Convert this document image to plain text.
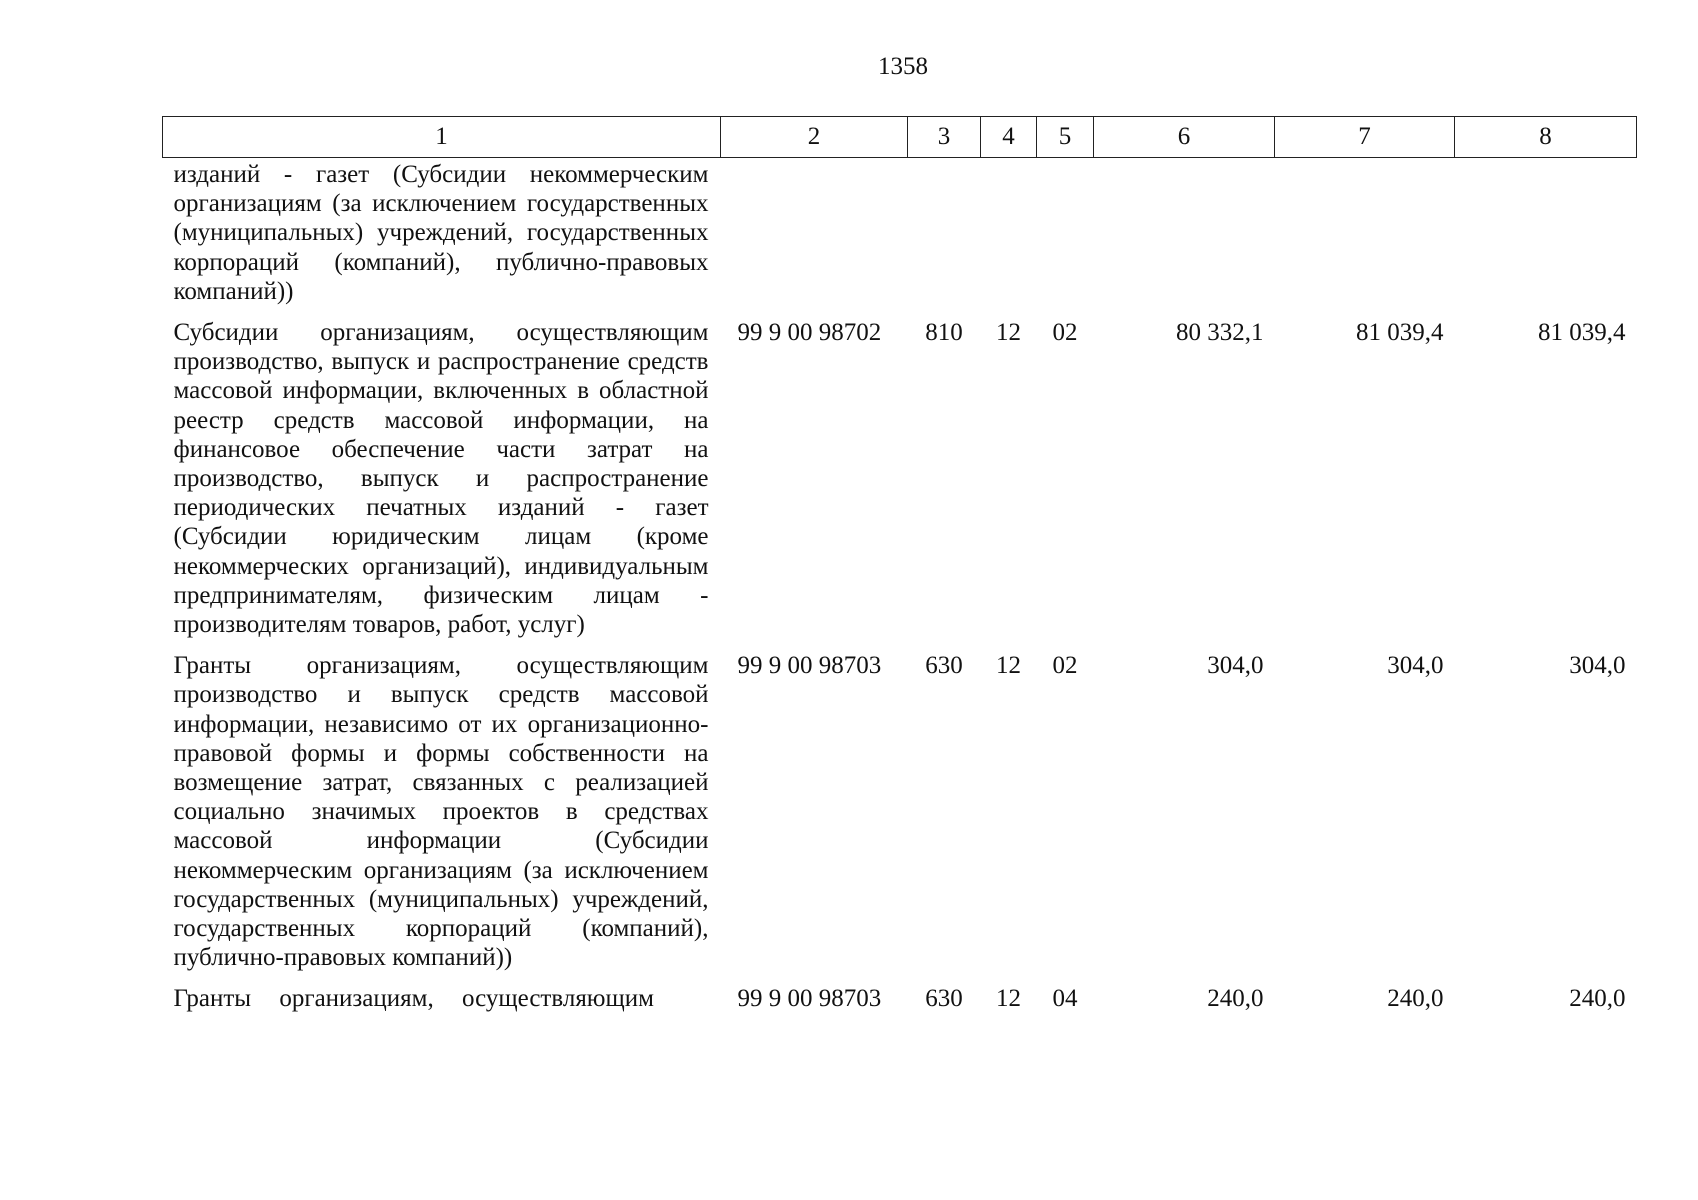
1358
1	2	3	4	5	6	7	8
изданий - газет (Субсидии некоммерческим организациям (за исключением государственных (муниципальных) учреждений, государственных корпораций (компаний), публично-правовых компаний))							
Субсидии организациям, осуществляющим производство, выпуск и распространение средств массовой информации, включенных в областной реестр средств массовой информации, на финансовое обеспечение части затрат на производство, выпуск и распространение периодических печатных изданий - газет (Субсидии юридическим лицам (кроме некоммерческих организаций), индивидуальным предпринимателям, физическим лицам - производителям товаров, работ, услуг)	99 9 00 98702	810	12	02	80 332,1	81 039,4	81 039,4
Гранты организациям, осуществляющим производство и выпуск средств массовой информации, независимо от их организационно-правовой формы и формы собственности на возмещение затрат, связанных с реализацией социально значимых проектов в средствах массовой информации (Субсидии некоммерческим организациям (за исключением государственных (муниципальных) учреждений, государственных корпораций (компаний), публично-правовых компаний))	99 9 00 98703	630	12	02	304,0	304,0	304,0
Гранты организациям, осуществляющим	99 9 00 98703	630	12	04	240,0	240,0	240,0
